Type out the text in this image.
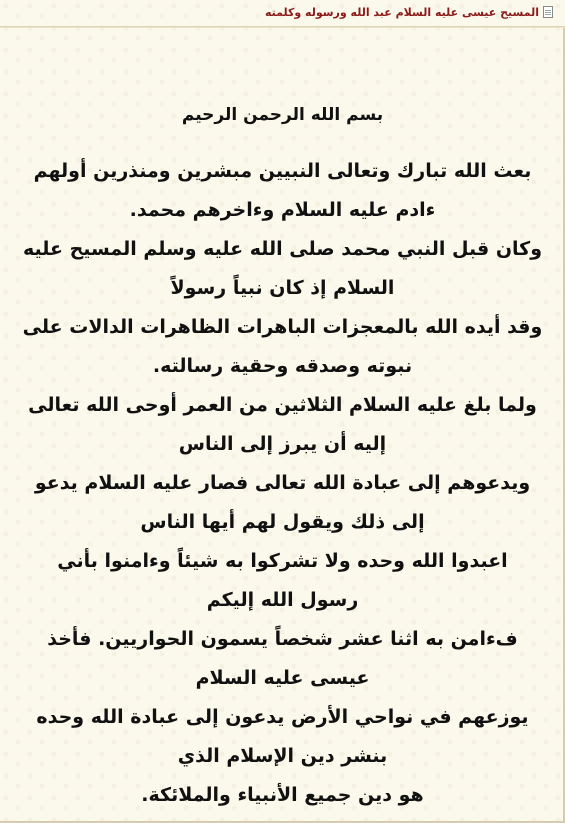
المسيح عيسى عليه السلام عبد الله ورسوله وكلمته

بسم الله الرحمن الرحيم

بعث الله تبارك وتعالى النبيين مبشرين ومنذرين أولهم

ءادم عليه السلام وءاخرهم محمد.

وكان قبل النبي محمد صلى الله عليه وسلم المسيح عليه

السلام إذ كان نبياً رسولاً

وقد أيده الله بالمعجزات الباهرات الظاهرات الدالات على

نبوته وصدقه وحقية رسالته.

ولما بلغ عليه السلام الثلاثين من العمر أوحى الله تعالى

إليه أن يبرز إلى الناس

ويدعوهم إلى عبادة الله تعالى فصار عليه السلام يدعو

إلى ذلك ويقول لهم أيها الناس

اعبدوا الله وحده ولا تشركوا به شيئاً وءامنوا بأني

رسول الله إليكم

فءامن به اثنا عشر شخصاً يسمون الحواريين. فأخذ

عيسى عليه السلام

يوزعهم في نواحي الأرض يدعون إلى عبادة الله وحده

بنشر دين الإسلام الذي

هو دين جميع الأنبياء والملائكة.
